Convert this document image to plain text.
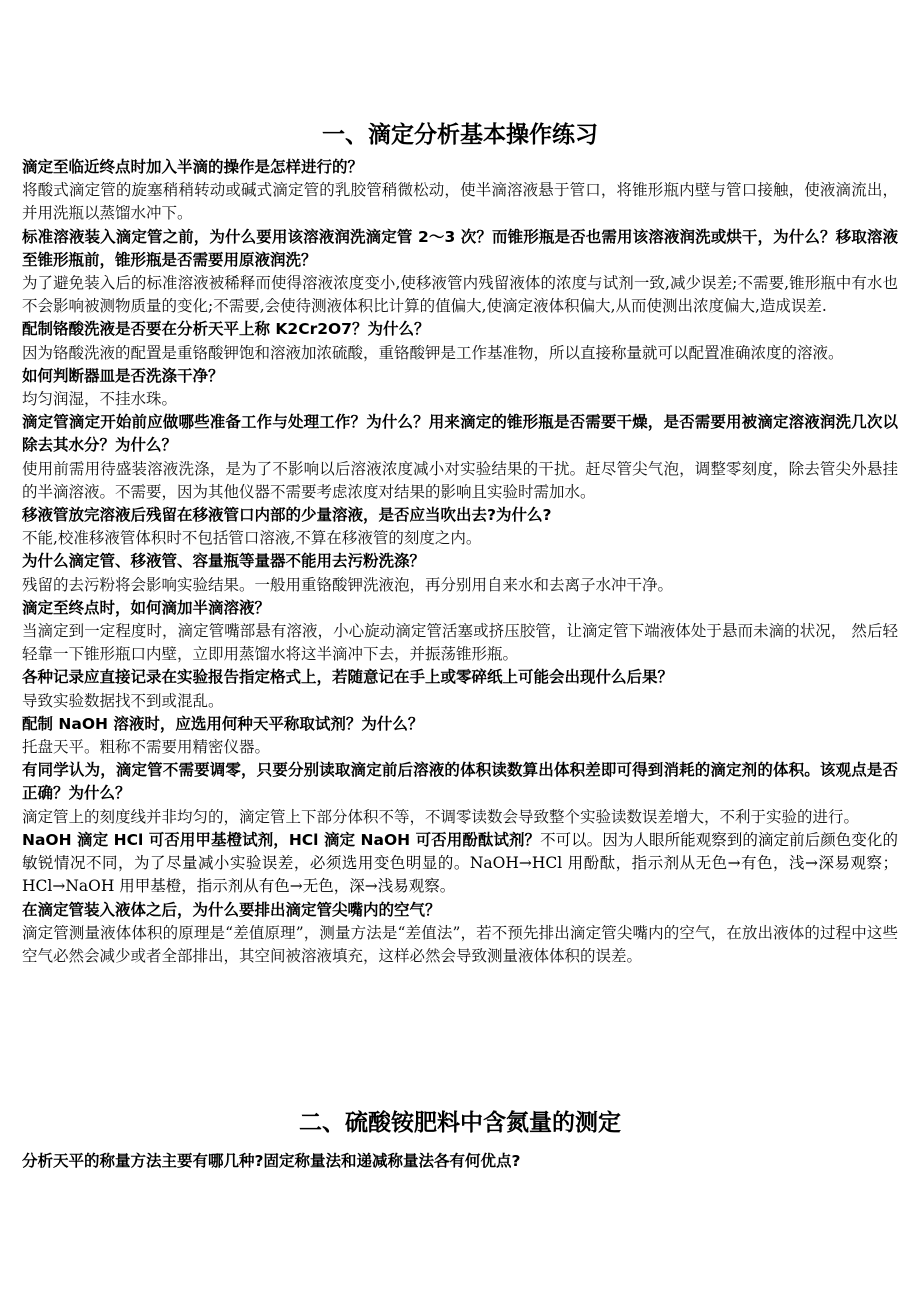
一、滴定分析基本操作练习
滴定至临近终点时加入半滴的操作是怎样进行的？
将酸式滴定管的旋塞稍稍转动或碱式滴定管的乳胶管稍微松动，使半滴溶液悬于管口，将锥形瓶内壁与管口接触，使液滴流出，并用洗瓶以蒸馏水冲下。
标准溶液装入滴定管之前，为什么要用该溶液润洗滴定管 2～3 次？而锥形瓶是否也需用该溶液润洗或烘干，为什么？移取溶液至锥形瓶前，锥形瓶是否需要用原液润洗？
为了避免装入后的标准溶液被稀释而使得溶液浓度变小,使移液管内残留液体的浓度与试剂一致,减少误差;不需要,锥形瓶中有水也不会影响被测物质量的变化;不需要,会使待测液体积比计算的值偏大,使滴定液体积偏大,从而使测出浓度偏大,造成误差.
配制铬酸洗液是否要在分析天平上称 K2Cr2O7？为什么？
因为铬酸洗液的配置是重铬酸钾饱和溶液加浓硫酸，重铬酸钾是工作基准物，所以直接称量就可以配置准确浓度的溶液。
如何判断器皿是否洗涤干净？
均匀润湿，不挂水珠。
滴定管滴定开始前应做哪些准备工作与处理工作？为什么？用来滴定的锥形瓶是否需要干燥，是否需要用被滴定溶液润洗几次以除去其水分？为什么？
使用前需用待盛装溶液洗涤，是为了不影响以后溶液浓度减小对实验结果的干扰。赶尽管尖气泡，调整零刻度，除去管尖外悬挂的半滴溶液。不需要，因为其他仪器不需要考虑浓度对结果的影响且实验时需加水。
移液管放完溶液后残留在移液管口内部的少量溶液，是否应当吹出去?为什么?
不能,校准移液管体积时不包括管口溶液,不算在移液管的刻度之内。
为什么滴定管、移液管、容量瓶等量器不能用去污粉洗涤？
残留的去污粉将会影响实验结果。一般用重铬酸钾洗液泡，再分别用自来水和去离子水冲干净。
滴定至终点时，如何滴加半滴溶液？
当滴定到一定程度时，滴定管嘴部悬有溶液，小心旋动滴定管活塞或挤压胶管，让滴定管下端液体处于悬而未滴的状况， 然后轻轻靠一下锥形瓶口内壁，立即用蒸馏水将这半滴冲下去，并振荡锥形瓶。
各种记录应直接记录在实验报告指定格式上，若随意记在手上或零碎纸上可能会出现什么后果？
导致实验数据找不到或混乱。
配制 NaOH 溶液时，应选用何种天平称取试剂？为什么？
托盘天平。粗称不需要用精密仪器。
有同学认为，滴定管不需要调零，只要分别读取滴定前后溶液的体积读数算出体积差即可得到消耗的滴定剂的体积。该观点是否正确？为什么？
滴定管上的刻度线并非均匀的，滴定管上下部分体积不等，不调零读数会导致整个实验读数误差增大，不利于实验的进行。
NaOH 滴定 HCl 可否用甲基橙试剂，HCl 滴定 NaOH 可否用酚酞试剂？不可以。因为人眼所能观察到的滴定前后颜色变化的敏锐情况不同，为了尽量减小实验误差，必须选用变色明显的。NaOH→HCl 用酚酞，指示剂从无色→有色，浅→深易观察；HCl→NaOH 用甲基橙，指示剂从有色→无色，深→浅易观察。
在滴定管装入液体之后，为什么要排出滴定管尖嘴内的空气？
滴定管测量液体体积的原理是“差值原理”，测量方法是“差值法”，若不预先排出滴定管尖嘴内的空气，在放出液体的过程中这些空气必然会减少或者全部排出，其空间被溶液填充，这样必然会导致测量液体体积的误差。
二、硫酸铵肥料中含氮量的测定
分析天平的称量方法主要有哪几种?固定称量法和递减称量法各有何优点?
